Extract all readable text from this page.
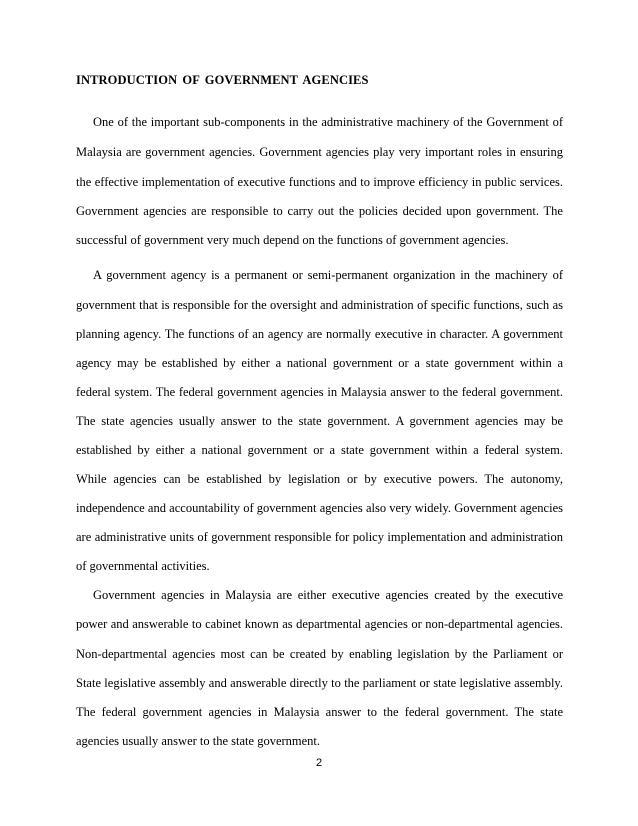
INTRODUCTION OF GOVERNMENT AGENCIES
One of the important sub-components in the administrative machinery of the Government of
Malaysia are government agencies. Government agencies play very important roles in ensuring
the effective implementation of executive functions and to improve efficiency in public services.
Government agencies are responsible to carry out the policies decided upon government. The
successful of government very much depend on the functions of government agencies.
A government agency is a permanent or semi-permanent organization in the machinery of
government that is responsible for the oversight and administration of specific functions, such as
planning agency. The functions of an agency are normally executive in character. A government
agency may be established by either a national government or a state government within a
federal system. The federal government agencies in Malaysia answer to the federal government.
The state agencies usually answer to the state government. A government agencies may be
established by either a national government or a state government within a federal system.
While agencies can be established by legislation or by executive powers. The autonomy,
independence and accountability of government agencies also very widely. Government agencies
are administrative units of government responsible for policy implementation and administration
of governmental activities.
Government agencies in Malaysia are either executive agencies created by the executive
power and answerable to cabinet known as departmental agencies or non-departmental agencies.
Non-departmental agencies most can be created by enabling legislation by the Parliament or
State legislative assembly and answerable directly to the parliament or state legislative assembly.
The federal government agencies in Malaysia answer to the federal government. The state
agencies usually answer to the state government.
2
